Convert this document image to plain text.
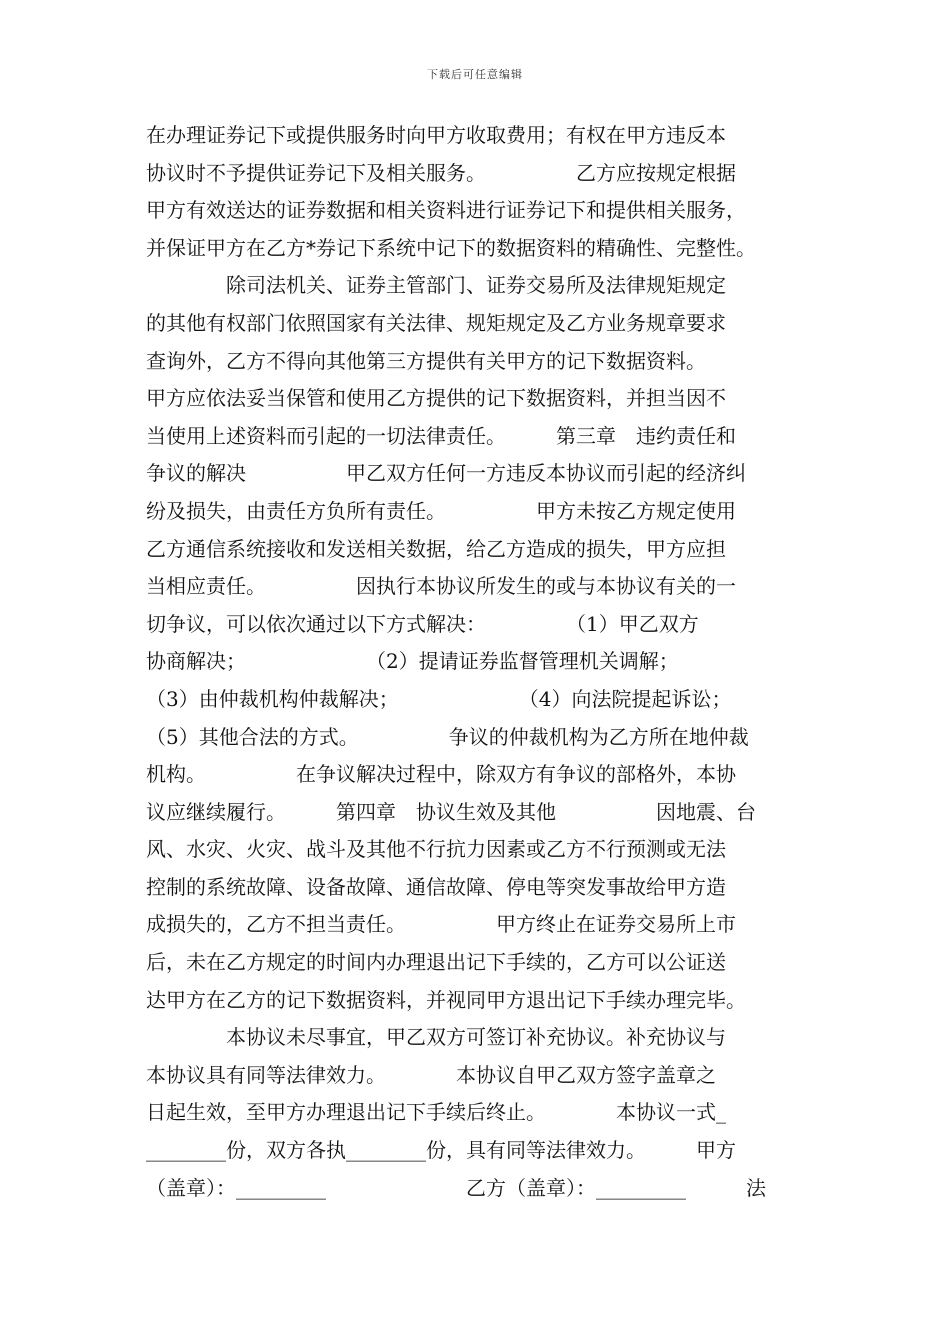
下载后可任意编辑
在办理证券记下或提供服务时向甲方收取费用；有权在甲方违反本
协议时不予提供证券记下及相关服务。　　　　　乙方应按规定根据
甲方有效送达的证券数据和相关资料进行证券记下和提供相关服务，
并保证甲方在乙方*券记下系统中记下的数据资料的精确性、完整性。
　　　　除司法机关、证券主管部门、证券交易所及法律规矩规定
的其他有权部门依照国家有关法律、规矩规定及乙方业务规章要求
查询外，乙方不得向其他第三方提供有关甲方的记下数据资料。
甲方应依法妥当保管和使用乙方提供的记下数据资料，并担当因不
当使用上述资料而引起的一切法律责任。　　　第三章　违约责任和
争议的解决　　　　　甲乙双方任何一方违反本协议而引起的经济纠
纷及损失，由责任方负所有责任。　　　　　甲方未按乙方规定使用
乙方通信系统接收和发送相关数据，给乙方造成的损失，甲方应担
当相应责任。　　　　　因执行本协议所发生的或与本协议有关的一
切争议，可以依次通过以下方式解决：　　　　　（1）甲乙双方
协商解决；　　　　　　　（2）提请证券监督管理机关调解；
（3）由仲裁机构仲裁解决；　　　　　　　（4）向法院提起诉讼；
（5）其他合法的方式。　　　　　争议的仲裁机构为乙方所在地仲裁
机构。　　　　　在争议解决过程中，除双方有争议的部格外，本协
议应继续履行。　　　第四章　协议生效及其他　　　　　因地震、台
风、水灾、火灾、战斗及其他不行抗力因素或乙方不行预测或无法
控制的系统故障、设备故障、通信故障、停电等突发事故给甲方造
成损失的，乙方不担当责任。　　　　　甲方终止在证券交易所上市
后，未在乙方规定的时间内办理退出记下手续的，乙方可以公证送
达甲方在乙方的记下数据资料，并视同甲方退出记下手续办理完毕。
　　　　本协议未尽事宜，甲乙双方可签订补充协议。补充协议与
本协议具有同等法律效力。　　　　本协议自甲乙双方签字盖章之
日起生效，至甲方办理退出记下手续后终止。　　　　本协议一式_
________份，双方各执________份，具有同等法律效力。　　　甲方
（盖章）：_________　　　　　　　乙方（盖章）：_________　　　法
